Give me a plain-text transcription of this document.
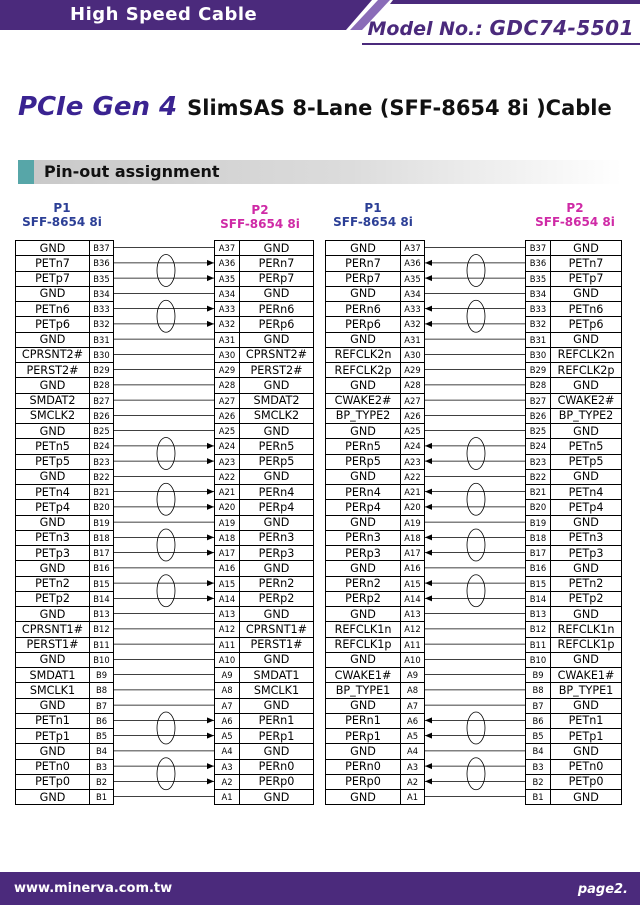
High Speed Cable
Model No.: GDC74-5501
PCIe Gen 4 SlimSAS 8-Lane (SFF-8654 8i )Cable
Pin-out assignment
P1
SFF-8654 8i
P2
SFF-8654 8i
P1
SFF-8654 8i
P2
SFF-8654 8i
GND	B37
PETn7	B36
PETp7	B35
GND	B34
PETn6	B33
PETp6	B32
GND	B31
CPRSNT2#	B30
PERST2#	B29
GND	B28
SMDAT2	B27
SMCLK2	B26
GND	B25
PETn5	B24
PETp5	B23
GND	B22
PETn4	B21
PETp4	B20
GND	B19
PETn3	B18
PETp3	B17
GND	B16
PETn2	B15
PETp2	B14
GND	B13
CPRSNT1#	B12
PERST1#	B11
GND	B10
SMDAT1	B9
SMCLK1	B8
GND	B7
PETn1	B6
PETp1	B5
GND	B4
PETn0	B3
PETp0	B2
GND	B1
A37	GND
A36	PERn7
A35	PERp7
A34	GND
A33	PERn6
A32	PERp6
A31	GND
A30 CPRSNT2#
A29	PERST2#
A28	GND
A27	SMDAT2
A26	SMCLK2
A25	GND
A24	PERn5
A23	PERp5
A22	GND
A21	PERn4
A20	PERp4
A19	GND
A18	PERn3
A17	PERp3
A16	GND
A15	PERn2
A14	PERp2
A13	GND
A12 CPRSNT1#
A11	PERST1#
A10	GND
A9	SMDAT1
A8	SMCLK1
A7	GND
A6	PERn1
A5	PERp1
A4	GND
A3	PERn0
A2	PERp0
A1	GND
GND	A37
PERn7	A36
PERp7	A35
GND	A34
PERn6	A33
PERp6	A32
GND	A31
REFCLK2n	A30
REFCLK2p	A29
GND	A28
CWAKE2#	A27
BP_TYPE2	A26
GND	A25
PERn5	A24
PERp5	A23
GND	A22
PERn4	A21
PERp4	A20
GND	A19
PERn3	A18
PERp3	A17
GND	A16
PERn2	A15
PERp2	A14
GND	A13
REFCLK1n	A12
REFCLK1p	A11
GND	A10
CWAKE1#	A9
BP_TYPE1	A8
GND	A7
PERn1	A6
PERp1	A5
GND	A4
PERn0	A3
PERp0	A2
GND	A1
B37	GND
B36	PETn7
B35	PETp7
B34	GND
B33	PETn6
B32	PETp6
B31	GND
B30	REFCLK2n
B29	REFCLK2p
B28	GND
B27	CWAKE2#
B26	BP_TYPE2
B25	GND
B24	PETn5
B23	PETp5
B22	GND
B21	PETn4
B20	PETp4
B19	GND
B18	PETn3
B17	PETp3
B16	GND
B15	PETn2
B14	PETp2
B13	GND
B12	REFCLK1n
B11	REFCLK1p
B10	GND
B9	CWAKE1#
B8	BP_TYPE1
B7	GND
B6	PETn1
B5	PETp1
B4	GND
B3	PETn0
B2	PETp0
B1	GND
www.minerva.com.tw	page2.
